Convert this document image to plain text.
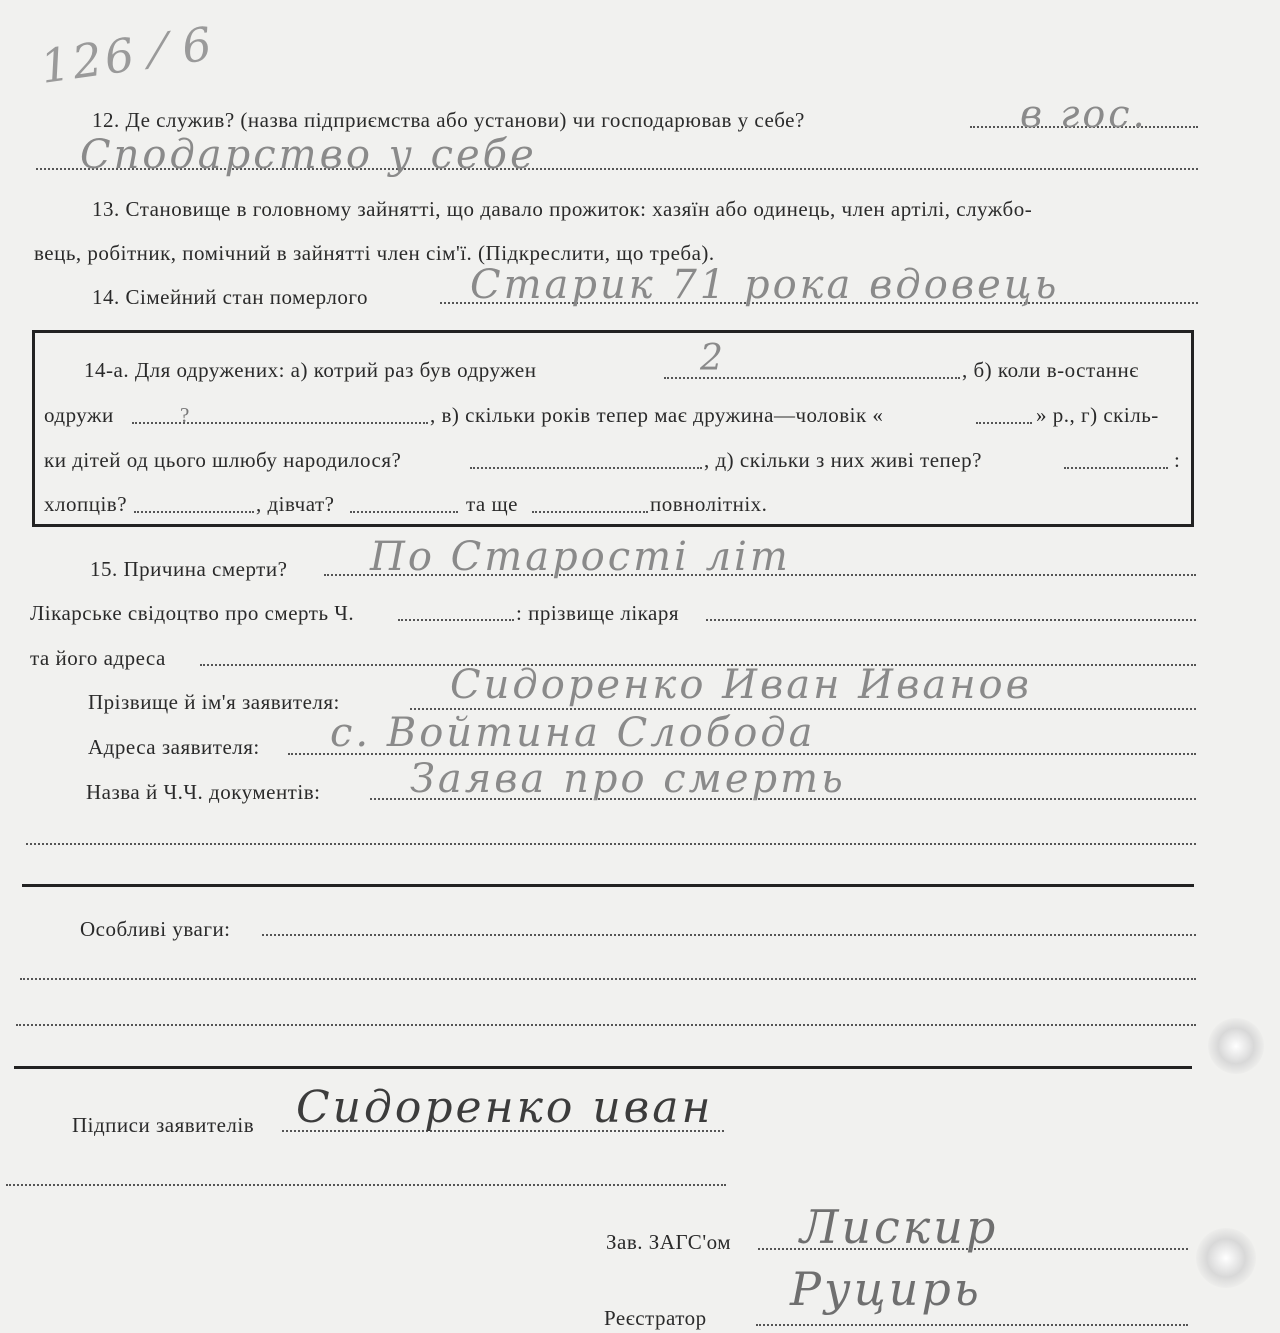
126 ⁄ 6
12. Де служив? (назва підприємства або установи) чи господарював у себе?	в гос.
Сподарство у себе
13. Становище в головному зайнятті, що давало прожиток: хазяїн або одинець, член артілі, службо-
вець, робітник, помічний в зайнятті член сім'ї. (Підкреслити, що треба).
14. Сімейний стан померлого	Старик 71 рока вдовець
14-а. Для одружених: а) котрий раз був одружен	2	, б) коли в-останнє
одружи	?	, в) скільки років тепер має дружина—чоловік «	» р., г) скіль-
ки дітей од цього шлюбу народилося?	, д) скільки з них живі тепер?	:
хлопців?	, дівчат?	та ще	повнолітніх.
15. Причина смерти? По Старості літ
Лікарське свідоцтво про смерть Ч.	: прізвище лікаря
та його адреса
Прізвище й ім'я заявителя:	Сидоренко Иван Иванов
Адреса заявителя: с. Войтина Слобода
Назва й Ч.Ч. документів: Заява про смерть
Особливі уваги:
Підписи заявителів Сидоренко иван
Зав. ЗАГС'ом Лискир
Реєстратор
Руцирь
